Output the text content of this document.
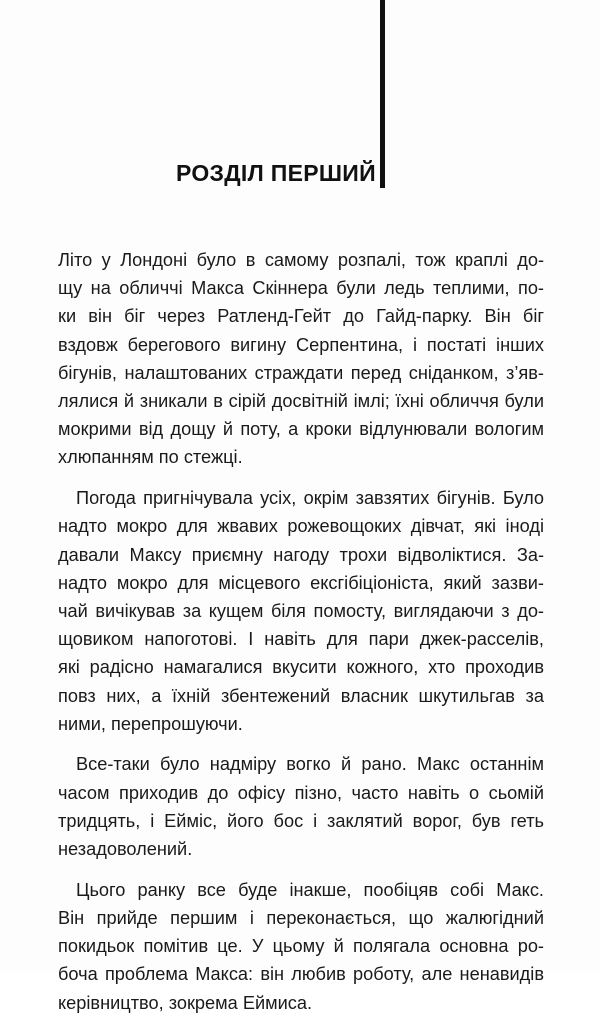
РОЗДІЛ ПЕРШИЙ

Літо у Лондоні було в самому розпалі, тож краплі до-
щу на обличчі Макса Скіннера були ледь теплими, по-
ки він біг через Ратленд-Гейт до Гайд-парку. Він біг
вздовж берегового вигину Серпентина, і постаті інших
бігунів, налаштованих страждати перед сніданком, з’яв-
лялися й зникали в сірій досвітній імлі; їхні обличчя були
мокрими від дощу й поту, а кроки відлунювали вологим
хлюпанням по стежці.

Погода пригнічувала усіх, окрім завзятих бігунів. Було
надто мокро для жвавих рожевощоких дівчат, які іноді
давали Максу приємну нагоду трохи відволіктися. За-
надто мокро для місцевого ексгібіціоніста, який зазви-
чай вичікував за кущем біля помосту, виглядаючи з до-
щовиком напоготові. І навіть для пари джек-расселів,
які радісно намагалися вкусити кожного, хто проходив
повз них, а їхній збентежений власник шкутильгав за
ними, перепрошуючи.

Все-таки було надміру вогко й рано. Макс останнім
часом приходив до офісу пізно, часто навіть о сьомій
тридцять, і Ейміс, його бос і заклятий ворог, був геть
незадоволений.

Цього ранку все буде інакше, пообіцяв собі Макс.
Він прийде першим і переконається, що жалюгідний
покидьок помітив це. У цьому й полягала основна ро-
боча проблема Макса: він любив роботу, але ненавидів
керівництво, зокрема Еймиса.
